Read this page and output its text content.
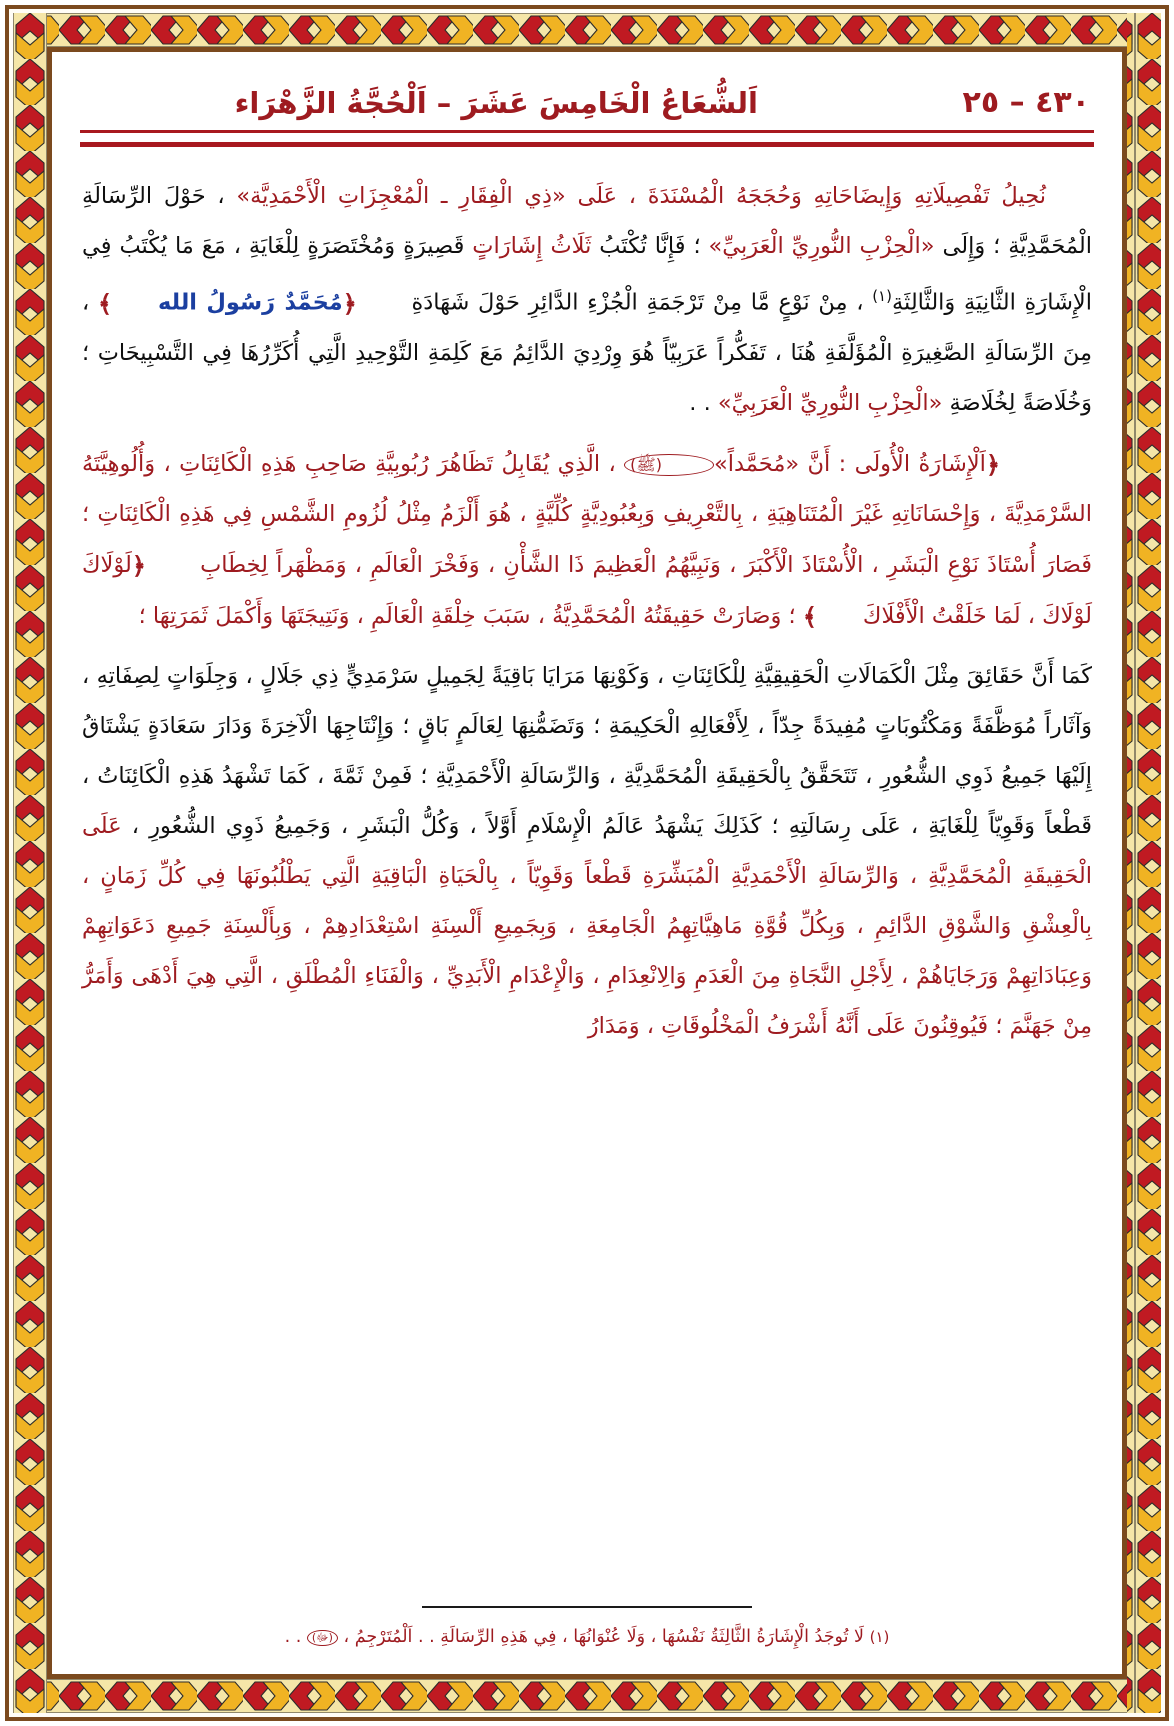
٤٣٠ – ٢٥
اَلشُّعَاعُ الْخَامِسَ عَشَرَ – اَلْحُجَّةُ الزَّهْرَاء

نُحِيلُ تَفْصِيلَاتِهِ وَإِيضَاحَاتِهِ وَحُجَجَهُ الْمُسْنَدَةَ ، عَلَى «ذِي الْفِقَارِ ـ الْمُعْجِزَاتِ الْأَحْمَدِيَّة» ، حَوْلَ الرِّسَالَةِ الْمُحَمَّدِيَّةِ ؛ وَإِلَى «الْحِزْبِ النُّورِيِّ الْعَرَبِيِّ» ؛ فَإِنَّا تُكْتَبُ ثَلَاثُ إِشَارَاتٍ قَصِيرَةٍ وَمُخْتَصَرَةٍ لِلْغَايَةِ ، مَعَ مَا يُكْتَبُ فِي الْإِشَارَةِ الثَّانِيَةِ وَالثَّالِثَةِ$^{(١)}$ ، مِنْ نَوْعٍ مَّا مِنْ تَرْجَمَةِ الْجُزْءِ الدَّائِرِ حَوْلَ شَهَادَةِ ﴿مُحَمَّدٌ رَسُولُ الله﴾ ، مِنَ الرِّسَالَةِ الصَّغِيرَةِ الْمُؤَلَّفَةِ هُنَا ، تَفَكُّراً عَرَبِيّاً هُوَ وِرْدِيَ الدَّائِمُ مَعَ كَلِمَةِ التَّوْحِيدِ الَّتِي أُكَرِّرُهَا فِي التَّسْبِيحَاتِ ؛ وَخُلَاصَةً لِخُلَاصَةِ «الْحِزْبِ النُّورِيِّ الْعَرَبِيِّ» . .

﴿اَلْإِشَارَةُ الْأُولَى : أَنَّ «مُحَمَّداً»(ﷺ) ، الَّذِي يُقَابِلُ تَظَاهُرَ رُبُوبِيَّةِ صَاحِبِ هَذِهِ الْكَائِنَاتِ ، وَأُلُوهِيَّتَهُ السَّرْمَدِيَّةَ ، وَإِحْسَانَاتِهِ غَيْرَ الْمُتَنَاهِيَةِ ، بِالتَّعْرِيفِ وَبِعُبُودِيَّةٍ كُلِّيَّةٍ ، هُوَ أَلْزَمُ مِثْلُ لُزُومِ الشَّمْسِ فِي هَذِهِ الْكَائِنَاتِ ؛ فَصَارَ أُسْتَاذَ نَوْعِ الْبَشَرِ ، الْأُسْتَاذَ الْأَكْبَرَ ، وَنَبِيَّهُمُ الْعَظِيمَ ذَا الشَّأْنِ ، وَفَخْرَ الْعَالَمِ ، وَمَظْهَراً لِخِطَابِ ﴿لَوْلَاكَ لَوْلَاكَ ، لَمَا خَلَقْتُ الْأَفْلَاكَ﴾ ؛ وَصَارَتْ حَقِيقَتُهُ الْمُحَمَّدِيَّةُ ، سَبَبَ خِلْقَةِ الْعَالَمِ ، وَنَتِيجَتَهَا وَأَكْمَلَ ثَمَرَتِهَا ؛

كَمَا أَنَّ حَقَائِقَ مِثْلَ الْكَمَالَاتِ الْحَقِيقِيَّةِ لِلْكَائِنَاتِ ، وَكَوْنِهَا مَرَايَا بَاقِيَةً لِجَمِيلٍ سَرْمَدِيٍّ ذِي جَلَالٍ ، وَجِلَوَاتٍ لِصِفَاتِهِ ، وَآثَاراً مُوَظَّفَةً وَمَكْتُوبَاتٍ مُفِيدَةً جِدّاً ، لِأَفْعَالِهِ الْحَكِيمَةِ ؛ وَتَضَمُّنِهَا لِعَالَمٍ بَاقٍ ؛ وَإِنْتَاجِهَا الْآخِرَةَ وَدَارَ سَعَادَةٍ يَشْتَاقُ إِلَيْهَا جَمِيعُ ذَوِي الشُّعُورِ ، تَتَحَقَّقُ بِالْحَقِيقَةِ الْمُحَمَّدِيَّةِ ، وَالرِّسَالَةِ الْأَحْمَدِيَّةِ ؛ فَمِنْ ثَمَّةَ ، كَمَا تَشْهَدُ هَذِهِ الْكَائِنَاتُ ، قَطْعاً وَقَوِيّاً لِلْغَايَةِ ، عَلَى رِسَالَتِهِ ؛ كَذَلِكَ يَشْهَدُ عَالَمُ الْإِسْلَامِ أَوَّلاً ، وَكُلُّ الْبَشَرِ ، وَجَمِيعُ ذَوِي الشُّعُورِ ، عَلَى الْحَقِيقَةِ الْمُحَمَّدِيَّةِ ، وَالرِّسَالَةِ الْأَحْمَدِيَّةِ الْمُبَشِّرَةِ قَطْعاً وَقَوِيّاً ، بِالْحَيَاةِ الْبَاقِيَةِ الَّتِي يَطْلُبُونَهَا فِي كُلِّ زَمَانٍ ، بِالْعِشْقِ وَالشَّوْقِ الدَّائِمِ ، وَبِكُلِّ قُوَّةِ مَاهِيَّاتِهِمُ الْجَامِعَةِ ، وَبِجَمِيعِ أَلْسِنَةِ اسْتِعْدَادِهِمْ ، وَبِأَلْسِنَةِ جَمِيعِ دَعَوَاتِهِمْ وَعِبَادَاتِهِمْ وَرَجَايَاهُمْ ، لِأَجْلِ النَّجَاةِ مِنَ الْعَدَمِ وَالِانْعِدَامِ ، وَالْإِعْدَامِ الْأَبَدِيِّ ، وَالْفَنَاءِ الْمُطْلَقِ ، الَّتِي هِيَ أَدْهَى وَأَمَرُّ مِنْ جَهَنَّمَ ؛ فَيُوقِنُونَ عَلَى أَنَّهُ أَشْرَفُ الْمَخْلُوقَاتِ ، وَمَدَارُ

(١) لَا تُوجَدُ الْإِشَارَةُ الثَّالِثَةُ نَفْسُهَا ، وَلَا عُنْوَانُهَا ، فِي هَذِهِ الرِّسَالَةِ . . اَلْمُتَرْجِمُ ، (ﷻ) . .
